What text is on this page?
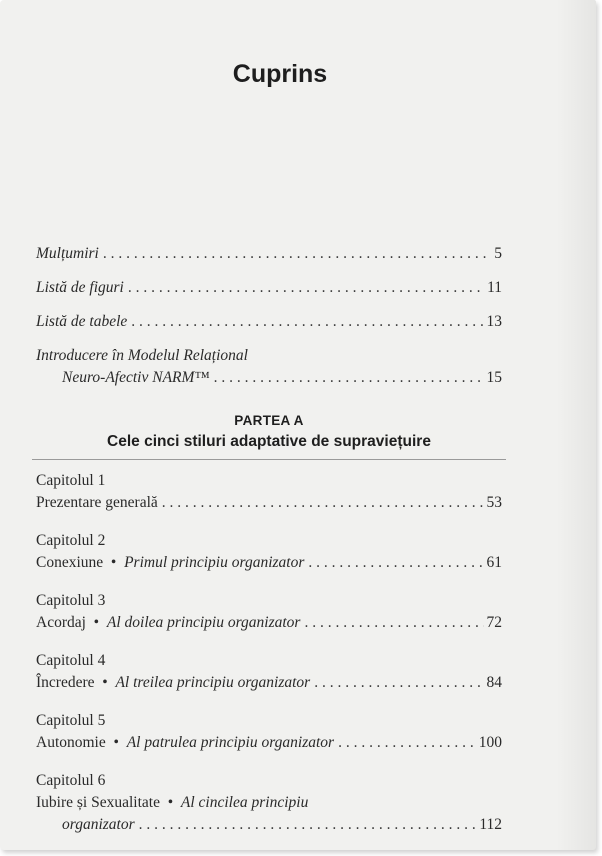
Cuprins
Mulțumiri . . .	5
Listă de figuri . . .	11
Listă de tabele . . .	13
Introducere în Modelul Relațional
Neuro-Afectiv NARM™ . . .	15
PARTEA A
Cele cinci stiluri adaptative de supraviețuire
Capitolul 1
Prezentare generală . . .	53
Capitolul 2
Conexiune • Primul principiu organizator . . .	61
Capitolul 3
Acordaj • Al doilea principiu organizator . . .	72
Capitolul 4
Încredere • Al treilea principiu organizator . . .	84
Capitolul 5
Autonomie • Al patrulea principiu organizator . . .	100
Capitolul 6
Iubire și Sexualitate • Al cincilea principiu
organizator . . .	112
